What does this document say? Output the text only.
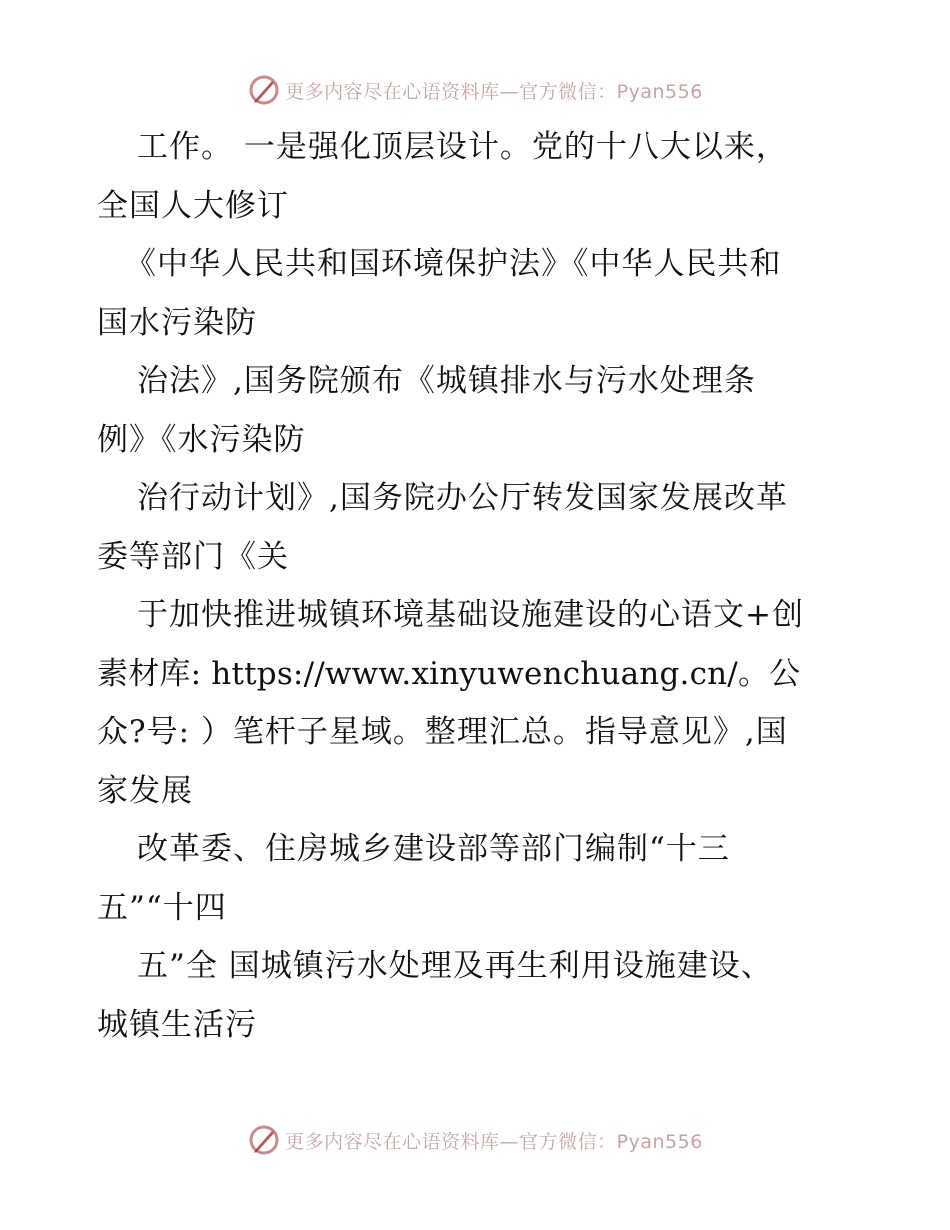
更多内容尽在心语资料库—官方微信：Pyan556
工作。 一是强化顶层设计。党的十八大以来，
全国人大修订
《中华人民共和国环境保护法》《中华人民共和
国水污染防
治法》,国务院颁布《城镇排水与污水处理条
例》《水污染防
治行动计划》,国务院办公厅转发国家发展改革
委等部门《关
于加快推进城镇环境基础设施建设的心语文+创
素材库: https://www.xinyuwenchuang.cn/。公
众?号: ）笔杆子星域。整理汇总。指导意见》,国
家发展
改革委、住房城乡建设部等部门编制“十三
五”“十四
五”全 国城镇污水处理及再生利用设施建设、
城镇生活污
更多内容尽在心语资料库—官方微信：Pyan556
